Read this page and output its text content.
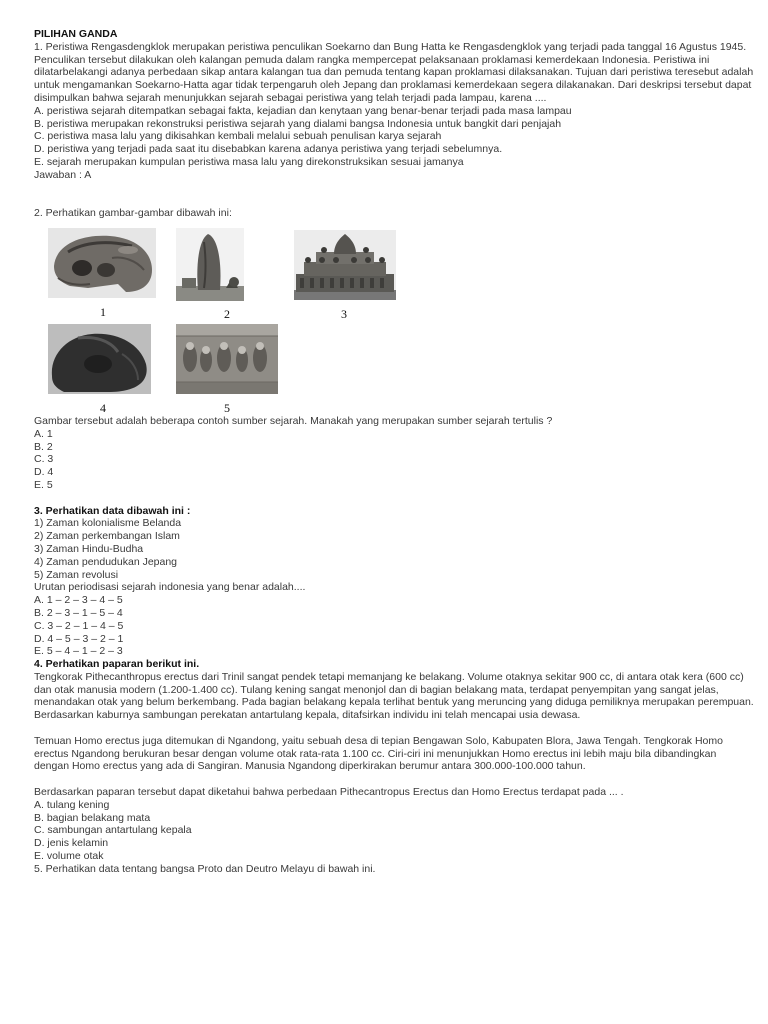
PILIHAN GANDA
1. Peristiwa Rengasdengklok merupakan peristiwa penculikan Soekarno dan Bung Hatta ke Rengasdengklok yang terjadi pada tanggal 16 Agustus 1945. Penculikan tersebut dilakukan oleh kalangan pemuda dalam rangka mempercepat pelaksanaan proklamasi kemerdekaan Indonesia. Peristiwa ini dilatarbelakangi adanya perbedaan sikap antara kalangan tua dan pemuda tentang kapan proklamasi dilaksanakan. Tujuan dari peristiwa teresebut adalah untuk mengamankan Soekarno-Hatta agar tidak terpengaruh oleh Jepang dan proklamasi kemerdekaan segera dilakanakan. Dari deskripsi tersebut dapat disimpulkan bahwa sejarah menunjukkan sejarah sebagai peristiwa yang telah terjadi pada lampau, karena ....
A. peristiwa sejarah ditempatkan sebagai fakta, kejadian dan kenytaan yang benar-benar terjadi pada masa lampau
B. peristiwa merupakan rekonstruksi peristiwa sejarah yang dialami bangsa Indonesia untuk bangkit dari penjajah
C. peristiwa masa lalu yang dikisahkan kembali melalui sebuah penulisan karya sejarah
D. peristiwa yang terjadi pada saat itu disebabkan karena adanya peristiwa yang terjadi sebelumnya.
E. sejarah merupakan kumpulan peristiwa masa lalu yang direkonstruksikan sesuai jamanya
Jawaban : A
2. Perhatikan gambar-gambar dibawah ini:
1	2	3
4	5
Gambar tersebut adalah beberapa contoh sumber sejarah. Manakah yang merupakan sumber sejarah tertulis ?
A. 1
B. 2
C. 3
D. 4
E. 5
3. Perhatikan data dibawah ini :
1) Zaman kolonialisme Belanda
2) Zaman perkembangan Islam
3) Zaman Hindu-Budha
4) Zaman pendudukan Jepang
5) Zaman revolusi
Urutan periodisasi sejarah indonesia yang benar adalah....
A. 1 – 2 – 3 – 4 – 5
B. 2 – 3 – 1 – 5 – 4
C. 3 – 2 – 1 – 4 – 5
D. 4 – 5 – 3 – 2 – 1
E. 5 – 4 – 1 – 2 – 3
4. Perhatikan paparan berikut ini.
Tengkorak Pithecanthropus erectus dari Trinil sangat pendek tetapi memanjang ke belakang. Volume otaknya sekitar 900 cc, di antara otak kera (600 cc) dan otak manusia modern (1.200-1.400 cc). Tulang kening sangat menonjol dan di bagian belakang mata, terdapat penyempitan yang sangat jelas, menandakan otak yang belum berkembang. Pada bagian belakang kepala terlihat bentuk yang meruncing yang diduga pemiliknya merupakan perempuan. Berdasarkan kaburnya sambungan perekatan antartulang kepala, ditafsirkan individu ini telah mencapai usia dewasa.
Temuan Homo erectus juga ditemukan di Ngandong, yaitu sebuah desa di tepian Bengawan Solo, Kabupaten Blora, Jawa Tengah. Tengkorak Homo erectus Ngandong berukuran besar dengan volume otak rata-rata 1.100 cc. Ciri-ciri ini menunjukkan Homo erectus ini lebih maju bila dibandingkan dengan Homo erectus yang ada di Sangiran. Manusia Ngandong diperkirakan berumur antara 300.000-100.000 tahun.
Berdasarkan paparan tersebut dapat diketahui bahwa perbedaan Pithecantropus Erectus dan Homo Erectus terdapat pada ... .
A. tulang kening
B. bagian belakang mata
C. sambungan antartulang kepala
D. jenis kelamin
E. volume otak
5. Perhatikan data tentang bangsa Proto dan Deutro Melayu di bawah ini.
